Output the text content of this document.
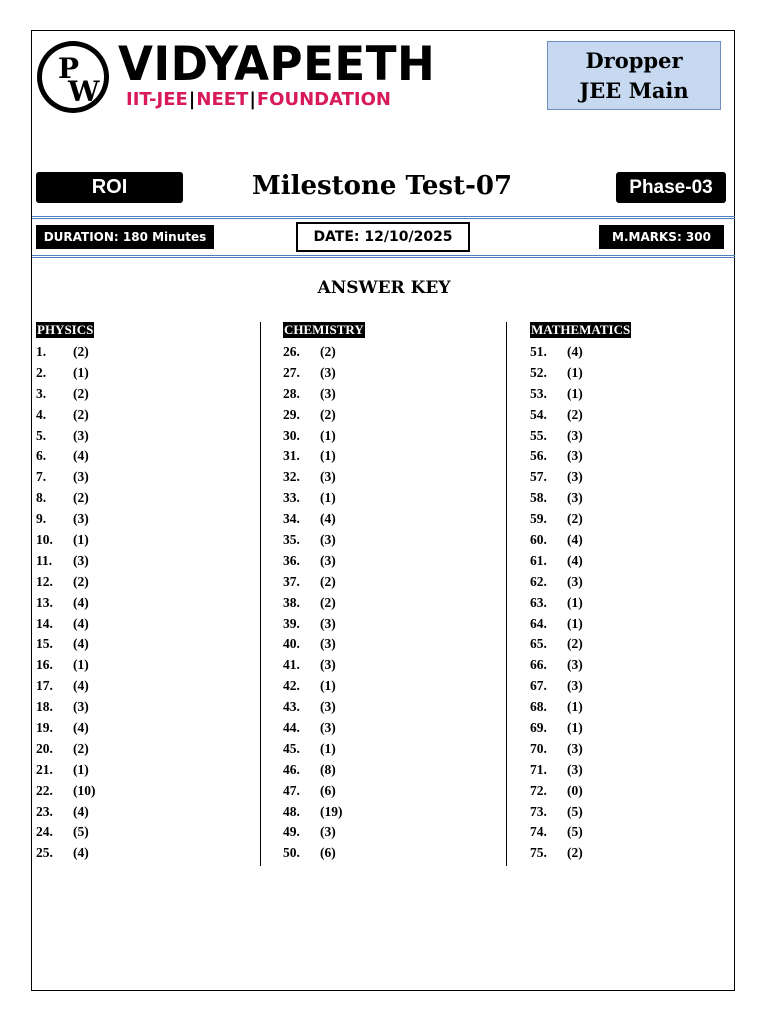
P
W VIDYAPEETH
IIT-JEE|NEET|FOUNDATION
Dropper
JEE Main
ROI	Milestone Test-07	Phase-03
DURATION: 180 Minutes	DATE: 12/10/2025	M.MARKS: 300
ANSWER KEY
PHYSICS
1. (2)
2. (1)
3. (2)
4. (2)
5. (3)
6. (4)
7. (3)
8. (2)
9. (3)
10. (1)
11. (3)
12. (2)
13. (4)
14. (4)
15. (4)
16. (1)
17. (4)
18. (3)
19. (4)
20. (2)
21. (1)
22. (10)
23. (4)
24. (5)
25. (4)
CHEMISTRY
26. (2)
27. (3)
28. (3)
29. (2)
30. (1)
31. (1)
32. (3)
33. (1)
34. (4)
35. (3)
36. (3)
37. (2)
38. (2)
39. (3)
40. (3)
41. (3)
42. (1)
43. (3)
44. (3)
45. (1)
46. (8)
47. (6)
48. (19)
49. (3)
50. (6)
MATHEMATICS
51. (4)
52. (1)
53. (1)
54. (2)
55. (3)
56. (3)
57. (3)
58. (3)
59. (2)
60. (4)
61. (4)
62. (3)
63. (1)
64. (1)
65. (2)
66. (3)
67. (3)
68. (1)
69. (1)
70. (3)
71. (3)
72. (0)
73. (5)
74. (5)
75. (2)
